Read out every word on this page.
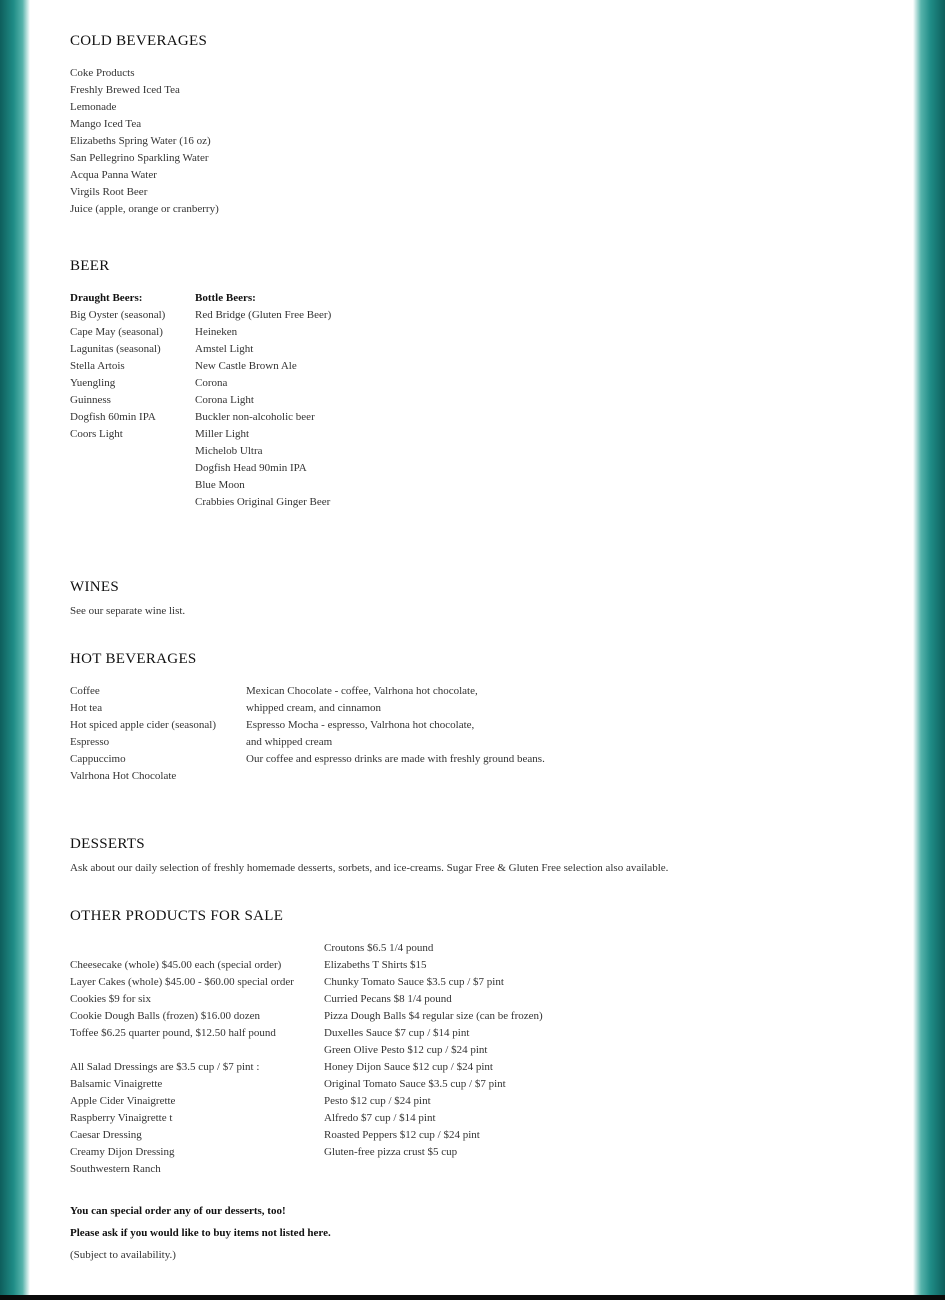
COLD BEVERAGES
Coke Products
Freshly Brewed Iced Tea
Lemonade
Mango Iced Tea
Elizabeths Spring Water (16 oz)
San Pellegrino Sparkling Water
Acqua Panna Water
Virgils Root Beer
Juice (apple, orange or cranberry)
BEER
Draught Beers:
Big Oyster (seasonal)
Cape May (seasonal)
Lagunitas (seasonal)
Stella Artois
Yuengling
Guinness
Dogfish 60min IPA
Coors Light
Bottle Beers:
Red Bridge (Gluten Free Beer)
Heineken
Amstel Light
New Castle Brown Ale
Corona
Corona Light
Buckler non-alcoholic beer
Miller Light
Michelob Ultra
Dogfish Head 90min IPA
Blue Moon
Crabbies Original Ginger Beer
WINES
See our separate wine list.
HOT BEVERAGES
Coffee
Hot tea
Hot spiced apple cider (seasonal)
Espresso
Cappuccimo
Valrhona Hot Chocolate
Mexican Chocolate - coffee, Valrhona hot chocolate,
whipped cream, and cinnamon
Espresso Mocha - espresso, Valrhona hot chocolate,
and whipped cream
Our coffee and espresso drinks are made with freshly ground beans.
DESSERTS
Ask about our daily selection of freshly homemade desserts, sorbets, and ice-creams. Sugar Free & Gluten Free selection also available.
OTHER PRODUCTS FOR SALE
Cheesecake (whole) $45.00 each (special order)
Layer Cakes (whole) $45.00 - $60.00 special order
Cookies $9 for six
Cookie Dough Balls (frozen) $16.00 dozen
Toffee $6.25 quarter pound, $12.50 half pound
All Salad Dressings are $3.5 cup / $7 pint :
Balsamic Vinaigrette
Apple Cider Vinaigrette
Raspberry Vinaigrette t
Caesar Dressing
Creamy Dijon Dressing
Southwestern Ranch
Croutons $6.5 1/4 pound
Elizabeths T Shirts $15
Chunky Tomato Sauce $3.5 cup / $7 pint
Curried Pecans $8 1/4 pound
Pizza Dough Balls $4 regular size (can be frozen)
Duxelles Sauce $7 cup / $14 pint
Green Olive Pesto $12 cup / $24 pint
Honey Dijon Sauce $12 cup / $24 pint
Original Tomato Sauce $3.5 cup / $7 pint
Pesto $12 cup / $24 pint
Alfredo $7 cup / $14 pint
Roasted Peppers $12 cup / $24 pint
Gluten-free pizza crust $5 cup
You can special order any of our desserts, too!
Please ask if you would like to buy items not listed here.
(Subject to availability.)
